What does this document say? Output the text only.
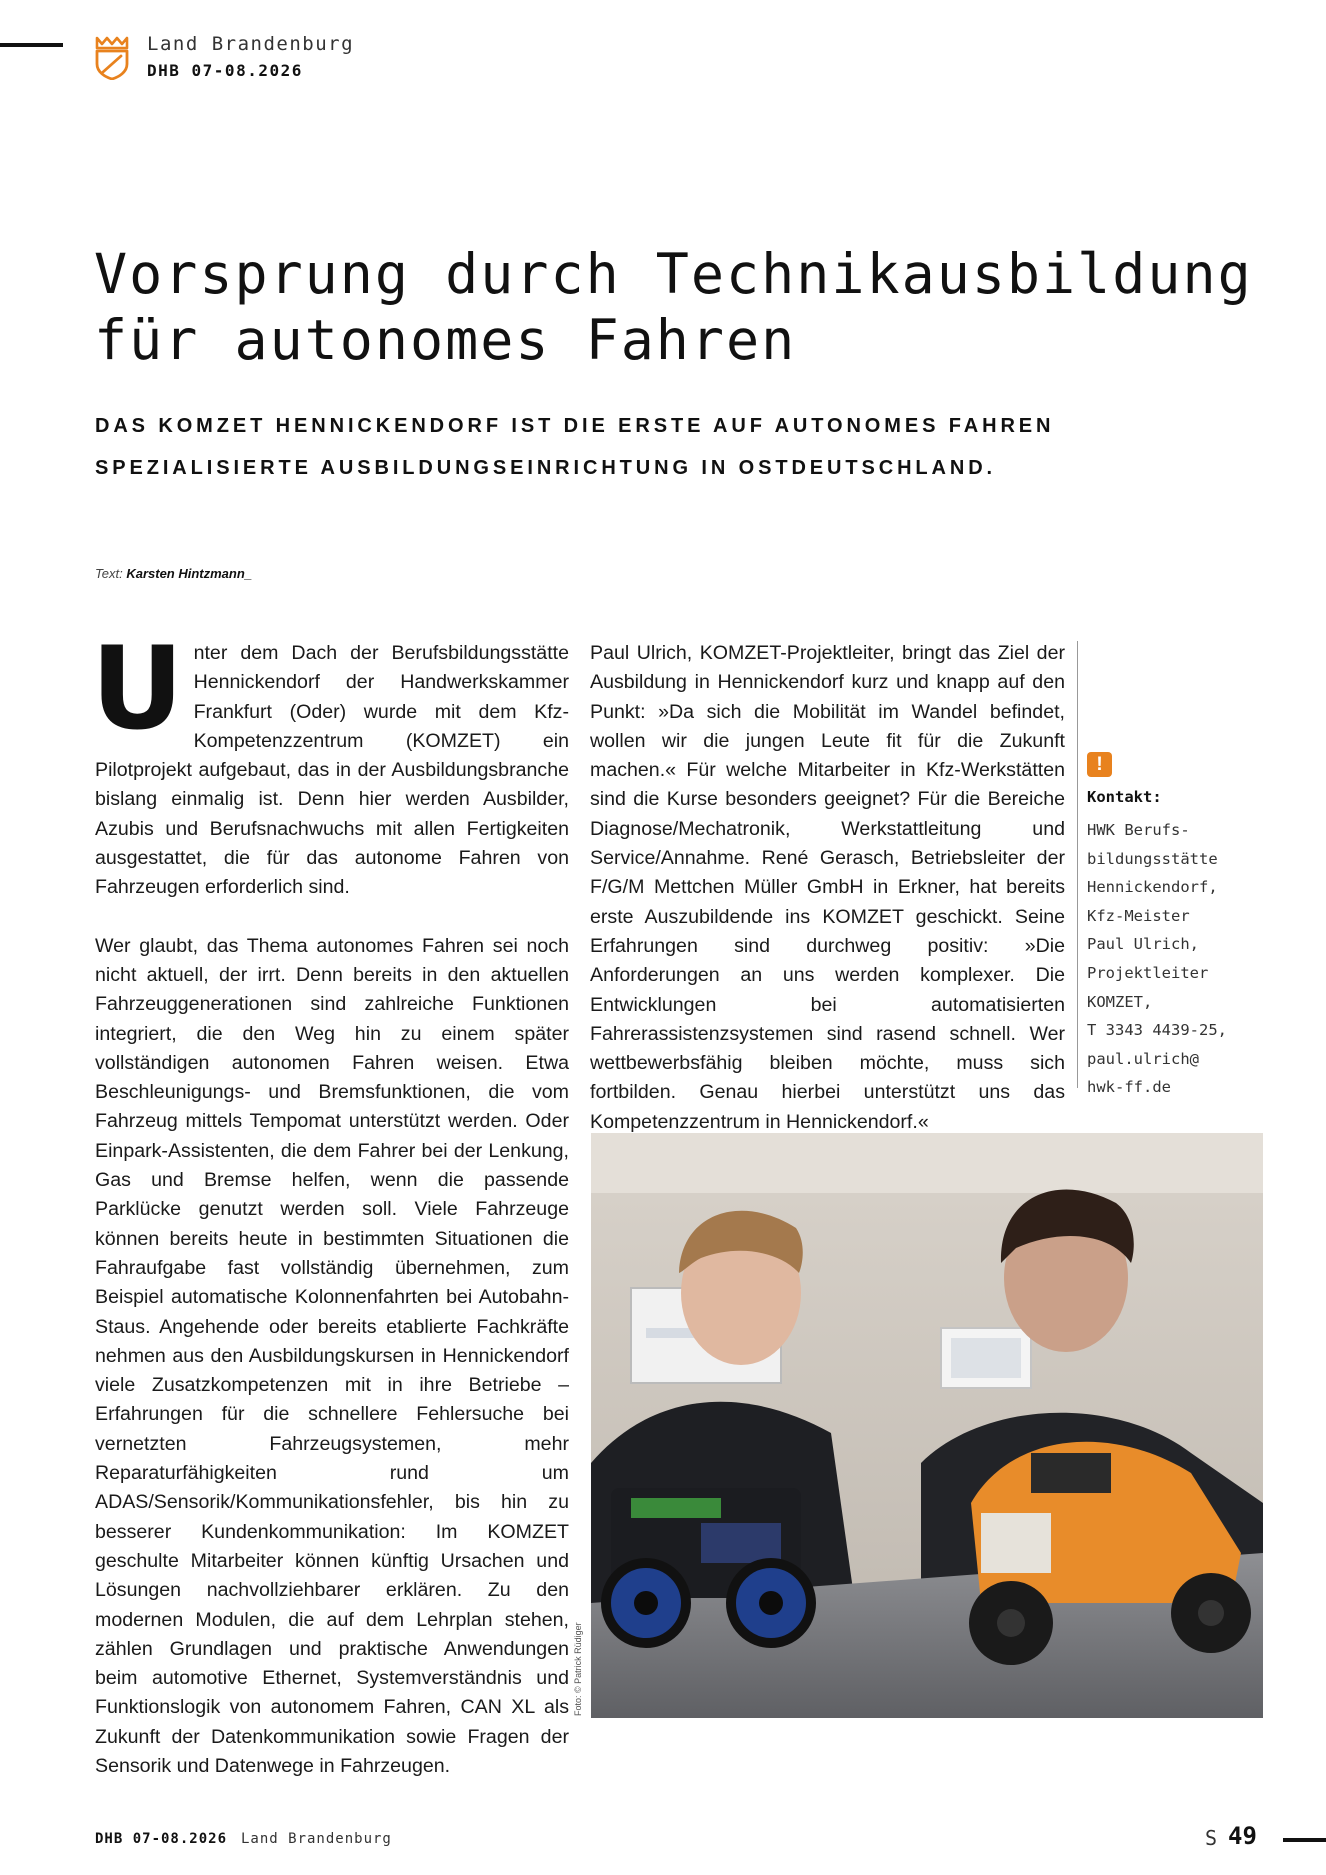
Land Brandenburg
DHB 07-08.2026
Vorsprung durch Technikausbildung
für autonomes Fahren
DAS KOMZET HENNICKENDORF IST DIE ERSTE AUF AUTONOMES FAHREN
SPEZIALISIERTE AUSBILDUNGSEINRICHTUNG IN OSTDEUTSCHLAND.
Text: Karsten Hintzmann_

Unter dem Dach der Berufsbildungsstätte Hennickendorf der Handwerkskammer Frankfurt (Oder) wurde mit dem Kfz-Kompetenzzentrum (KOMZET) ein Pilotprojekt aufgebaut, das in der Ausbildungsbranche bislang einmalig ist. Denn hier werden Ausbilder, Azubis und Berufsnachwuchs mit allen Fertigkeiten ausgestattet, die für das autonome Fahren von Fahrzeugen erforderlich sind.

Wer glaubt, das Thema autonomes Fahren sei noch nicht aktuell, der irrt. Denn bereits in den aktuellen Fahrzeuggenerationen sind zahlreiche Funktionen integriert, die den Weg hin zu einem später vollständigen autonomen Fahren weisen. Etwa Beschleunigungs- und Bremsfunktionen, die vom Fahrzeug mittels Tempomat unterstützt werden. Oder Einpark-Assistenten, die dem Fahrer bei der Lenkung, Gas und Bremse helfen, wenn die passende Parklücke genutzt werden soll. Viele Fahrzeuge können bereits heute in bestimmten Situationen die Fahraufgabe fast vollständig übernehmen, zum Beispiel automatische Kolonnenfahrten bei Autobahn-Staus. Angehende oder bereits etablierte Fachkräfte nehmen aus den Ausbildungskursen in Hennickendorf viele Zusatzkompetenzen mit in ihre Betriebe – Erfahrungen für die schnellere Fehlersuche bei vernetzten Fahrzeugsystemen, mehr Reparaturfähigkeiten rund um ADAS/Sensorik/Kommunikationsfehler, bis hin zu besserer Kundenkommunikation: Im KOMZET geschulte Mitarbeiter können künftig Ursachen und Lösungen nachvollziehbarer erklären. Zu den modernen Modulen, die auf dem Lehrplan stehen, zählen Grundlagen und praktische Anwendungen beim automotive Ethernet, Systemverständnis und Funktionslogik von autonomem Fahren, CAN XL als Zukunft der Datenkommunikation sowie Fragen der Sensorik und Datenwege in Fahrzeugen.

Paul Ulrich, KOMZET-Projektleiter, bringt das Ziel der Ausbildung in Hennickendorf kurz und knapp auf den Punkt: »Da sich die Mobilität im Wandel befindet, wollen wir die jungen Leute fit für die Zukunft machen.« Für welche Mitarbeiter in Kfz-Werkstätten sind die Kurse besonders geeignet? Für die Bereiche Diagnose/Mechatronik, Werkstattleitung und Service/Annahme. René Gerasch, Betriebsleiter der F/G/M Mettchen Müller GmbH in Erkner, hat bereits erste Auszubildende ins KOMZET geschickt. Seine Erfahrungen sind durchweg positiv: »Die Anforderungen an uns werden komplexer. Die Entwicklungen bei automatisierten Fahrerassistenzsystemen sind rasend schnell. Wer wettbewerbsfähig bleiben möchte, muss sich fortbilden. Genau hierbei unterstützt uns das Kompetenzzentrum in Hennickendorf.«

!
Kontakt:
HWK Berufs-
bildungsstätte
Hennickendorf,
Kfz-Meister
Paul Ulrich,
Projektleiter
KOMZET,
T 3343 4439-25,
paul.ulrich@
hwk-ff.de
Foto: © Patrick Rüdiger
DHB 07-08.2026 Land Brandenburg	S 49
